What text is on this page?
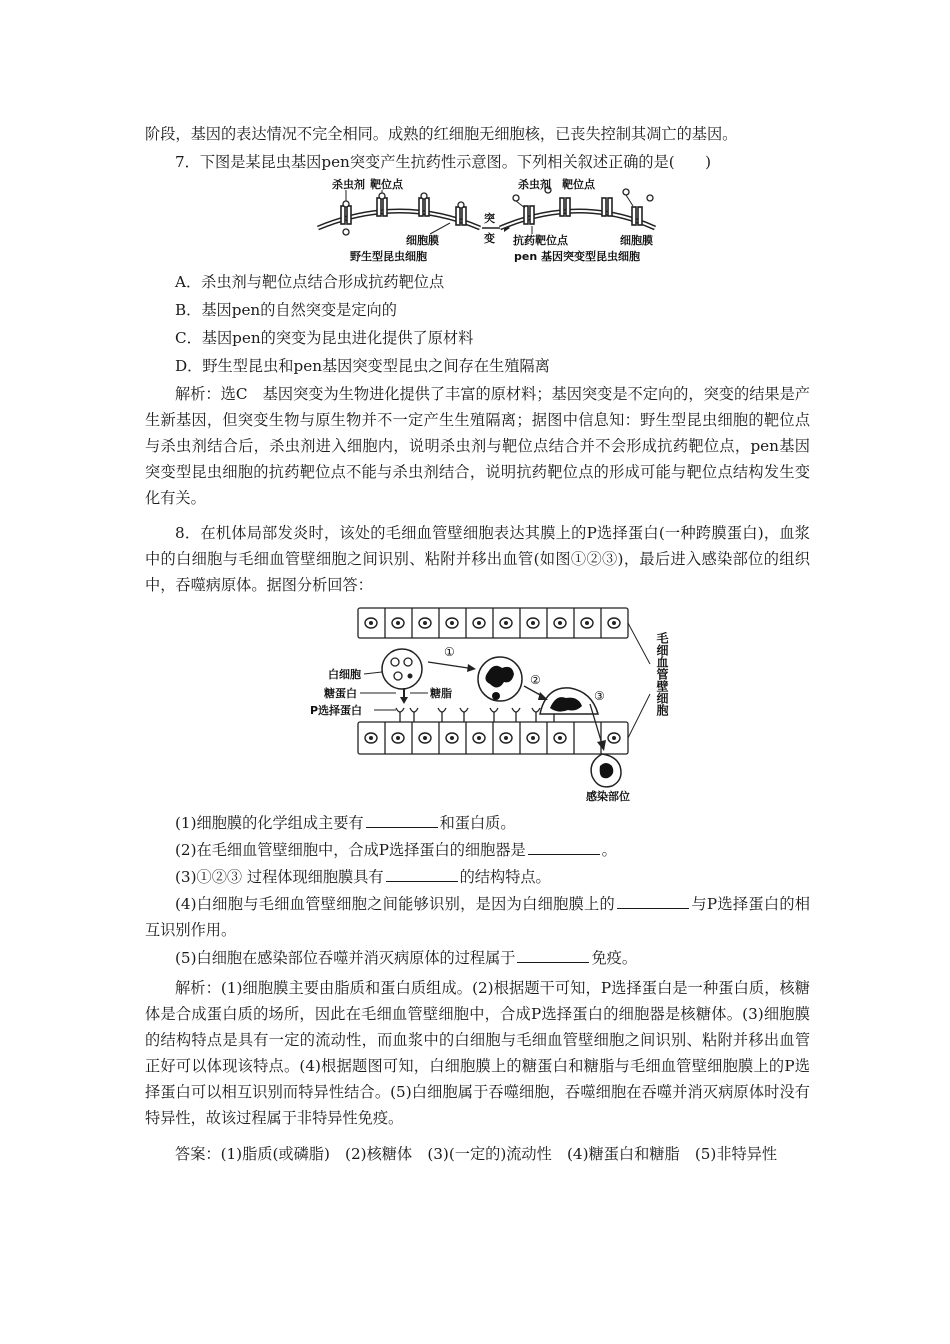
阶段，基因的表达情况不完全相同。成熟的红细胞无细胞核，已丧失控制其凋亡的基因。

7．下图是某昆虫基因pen突变产生抗药性示意图。下列相关叙述正确的是(　　)

杀虫剂 靶位点
细胞膜
野生型昆虫细胞
突
变
杀虫剂 靶位点
抗药靶位点	细胞膜
pen 基因突变型昆虫细胞

A．杀虫剂与靶位点结合形成抗药靶位点

B．基因pen的自然突变是定向的

C．基因pen的突变为昆虫进化提供了原材料

D．野生型昆虫和pen基因突变型昆虫之间存在生殖隔离

解析：选C　基因突变为生物进化提供了丰富的原材料；基因突变是不定向的，突变的结果是产生新基因，但突变生物与原生物并不一定产生生殖隔离；据图中信息知：野生型昆虫细胞的靶位点与杀虫剂结合后，杀虫剂进入细胞内，说明杀虫剂与靶位点结合并不会形成抗药靶位点，pen基因突变型昆虫细胞的抗药靶位点不能与杀虫剂结合，说明抗药靶位点的形成可能与靶位点结构发生变化有关。

8．在机体局部发炎时，该处的毛细血管壁细胞表达其膜上的P选择蛋白(一种跨膜蛋白)，血浆中的白细胞与毛细血管壁细胞之间识别、粘附并移出血管(如图①②③)，最后进入感染部位的组织中，吞噬病原体。据图分析回答：

①
②
③
白细胞
糖蛋白	糖脂
P选择蛋白	毛细血管壁细胞
感染部位

(1)细胞膜的化学组成主要有	和蛋白质。

(2)在毛细血管壁细胞中，合成P选择蛋白的细胞器是	。

(3)①②③ 过程体现细胞膜具有	的结构特点。

(4)白细胞与毛细血管壁细胞之间能够识别，是因为白细胞膜上的	与P选择蛋白的相互识别作用。

(5)白细胞在感染部位吞噬并消灭病原体的过程属于	免疫。

解析：(1)细胞膜主要由脂质和蛋白质组成。(2)根据题干可知，P选择蛋白是一种蛋白质，核糖体是合成蛋白质的场所，因此在毛细血管壁细胞中，合成P选择蛋白的细胞器是核糖体。(3)细胞膜的结构特点是具有一定的流动性，而血浆中的白细胞与毛细血管壁细胞之间识别、粘附并移出血管正好可以体现该特点。(4)根据题图可知，白细胞膜上的糖蛋白和糖脂与毛细血管壁细胞膜上的P选择蛋白可以相互识别而特异性结合。(5)白细胞属于吞噬细胞，吞噬细胞在吞噬并消灭病原体时没有特异性，故该过程属于非特异性免疫。

答案：(1)脂质(或磷脂)　(2)核糖体　(3)(一定的)流动性　(4)糖蛋白和糖脂　(5)非特异性
